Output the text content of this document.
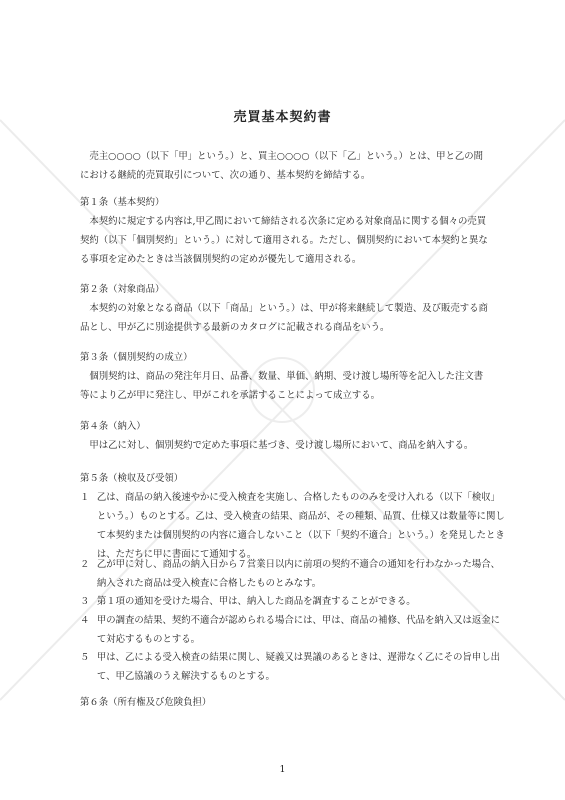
売買基本契約書

売主○○○○（以下「甲」という。）と、買主○○○○（以下「乙」という。）とは、甲と乙の間における継続的売買取引について、次の通り、基本契約を締結する。

第１条（基本契約）

本契約に規定する内容は,甲乙間において締結される次条に定める対象商品に関する個々の売買契約（以下「個別契約」という。）に対して適用される。ただし、個別契約において本契約と異なる事項を定めたときは当該個別契約の定めが優先して適用される。

第２条（対象商品）

本契約の対象となる商品（以下「商品」という。）は、甲が将来継続して製造、及び販売する商品とし、甲が乙に別途提供する最新のカタログに記載される商品をいう。

第３条（個別契約の成立）

個別契約は、商品の発注年月日、品番、数量、単価、納期、受け渡し場所等を記入した注文書等により乙が甲に発注し、甲がこれを承諾することによって成立する。

第４条（納入）

甲は乙に対し、個別契約で定めた事項に基づき、受け渡し場所において、商品を納入する。

第５条（検収及び受領）

１ 乙は、商品の納入後速やかに受入検査を実施し、合格したもののみを受け入れる（以下「検収」という。）ものとする。乙は、受入検査の結果、商品が、その種類、品質、仕様又は数量等に関して本契約または個別契約の内容に適合しないこと（以下「契約不適合」という。）を発見したときは、ただちに甲に書面にて通知する。

２ 乙が甲に対し、商品の納入日から７営業日以内に前項の契約不適合の通知を行わなかった場合、納入された商品は受入検査に合格したものとみなす。

３ 第１項の通知を受けた場合、甲は、納入した商品を調査することができる。

４ 甲の調査の結果、契約不適合が認められる場合には、甲は、商品の補修、代品を納入又は返金にて対応するものとする。

５ 甲は、乙による受入検査の結果に関し、疑義又は異議のあるときは、遅滞なく乙にその旨申し出て、甲乙協議のうえ解決するものとする。

第６条（所有権及び危険負担）

1
